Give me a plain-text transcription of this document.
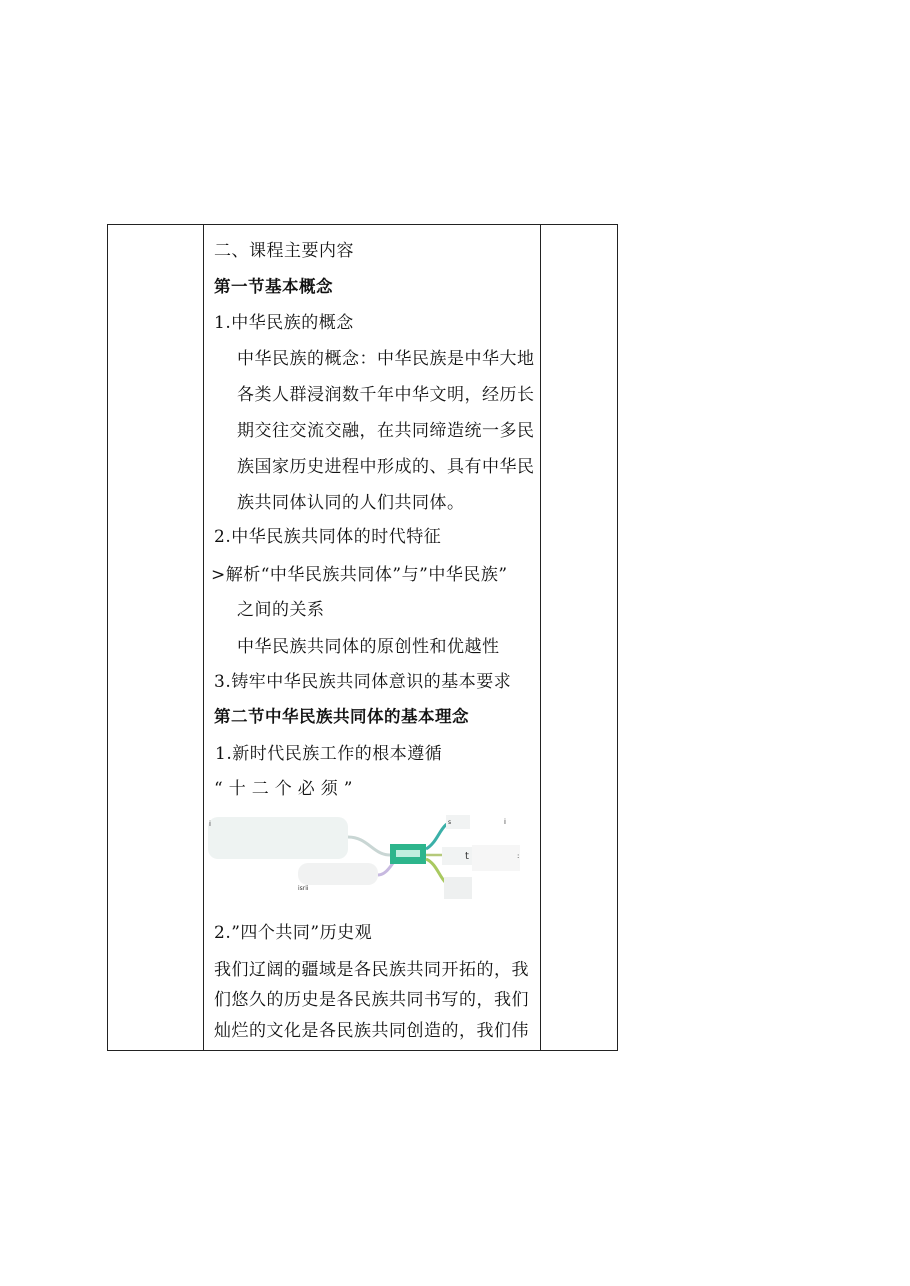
二、课程主要内容
第一节基本概念
1.中华民族的概念
中华民族的概念：中华民族是中华大地
各类人群浸润数千年中华文明，经历长
期交往交流交融，在共同缔造统一多民
族国家历史进程中形成的、具有中华民
族共同体认同的人们共同体。
2.中华民族共同体的时代特征
>解析“中华民族共同体”与”中华民族”
之间的关系
中华民族共同体的原创性和优越性
3.铸牢中华民族共同体意识的基本要求
第二节中华民族共同体的基本理念
1.新时代民族工作的根本遵循
“十二个必须”
i	s	i
t	:
isrii
2.”四个共同”历史观
我们辽阔的疆域是各民族共同开拓的，我
们悠久的历史是各民族共同书写的，我们
灿烂的文化是各民族共同创造的，我们伟
